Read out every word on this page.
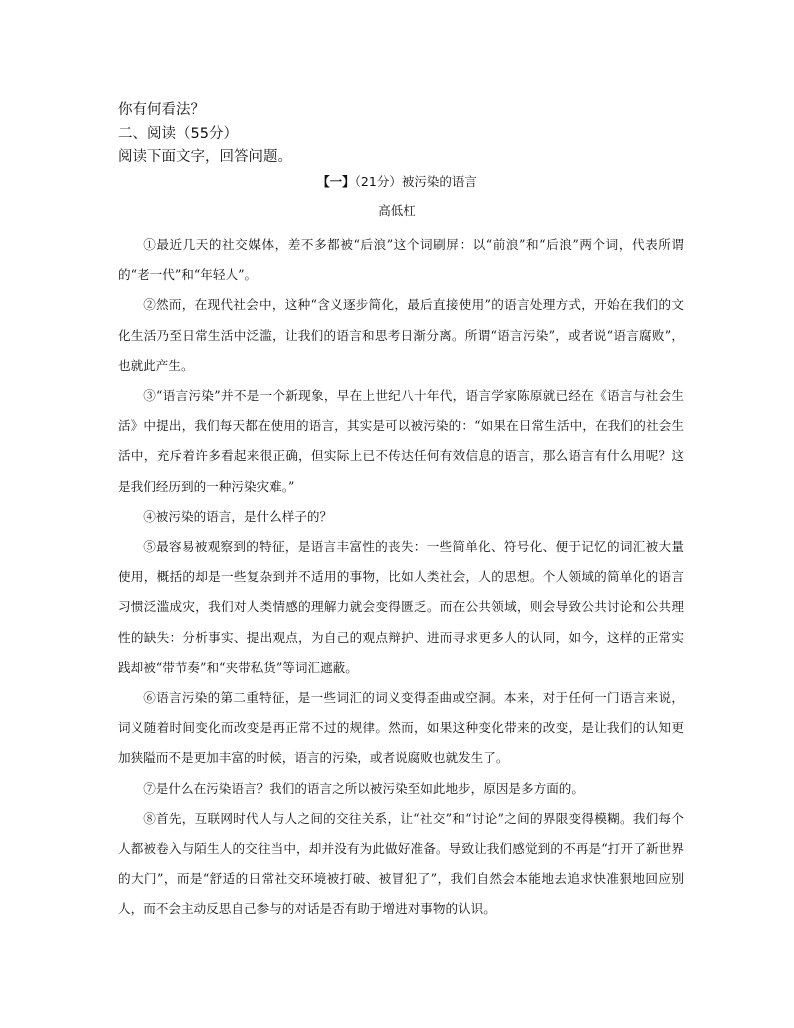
你有何看法？
二、阅读（55分）
阅读下面文字，回答问题。
【一】（21分）被污染的语言
高低杠

①最近几天的社交媒体，差不多都被“后浪”这个词刷屏：以“前浪”和“后浪”两个词，代表所谓的“老一代”和“年轻人”。

②然而，在现代社会中，这种“含义逐步简化，最后直接使用”的语言处理方式，开始在我们的文化生活乃至日常生活中泛滥，让我们的语言和思考日渐分离。所谓“语言污染”，或者说“语言腐败”，也就此产生。

③“语言污染”并不是一个新现象，早在上世纪八十年代，语言学家陈原就已经在《语言与社会生活》中提出，我们每天都在使用的语言，其实是可以被污染的：“如果在日常生活中，在我们的社会生活中，充斥着许多看起来很正确，但实际上已不传达任何有效信息的语言，那么语言有什么用呢？这是我们经历到的一种污染灾难。”

④被污染的语言，是什么样子的？

⑤最容易被观察到的特征，是语言丰富性的丧失：一些简单化、符号化、便于记忆的词汇被大量使用，概括的却是一些复杂到并不适用的事物，比如人类社会，人的思想。个人领域的简单化的语言习惯泛滥成灾，我们对人类情感的理解力就会变得匮乏。而在公共领域，则会导致公共讨论和公共理性的缺失：分析事实、提出观点，为自己的观点辩护、进而寻求更多人的认同，如今，这样的正常实践却被“带节奏”和“夹带私货”等词汇遮蔽。

⑥语言污染的第二重特征，是一些词汇的词义变得歪曲或空洞。本来，对于任何一门语言来说，词义随着时间变化而改变是再正常不过的规律。然而，如果这种变化带来的改变，是让我们的认知更加狭隘而不是更加丰富的时候，语言的污染，或者说腐败也就发生了。

⑦是什么在污染语言？我们的语言之所以被污染至如此地步，原因是多方面的。

⑧首先，互联网时代人与人之间的交往关系，让“社交”和“讨论”之间的界限变得模糊。我们每个人都被卷入与陌生人的交往当中，却并没有为此做好准备。导致让我们感觉到的不再是“打开了新世界的大门”，而是“舒适的日常社交环境被打破、被冒犯了”，我们自然会本能地去追求快准狠地回应别人，而不会主动反思自己参与的对话是否有助于增进对事物的认识。
